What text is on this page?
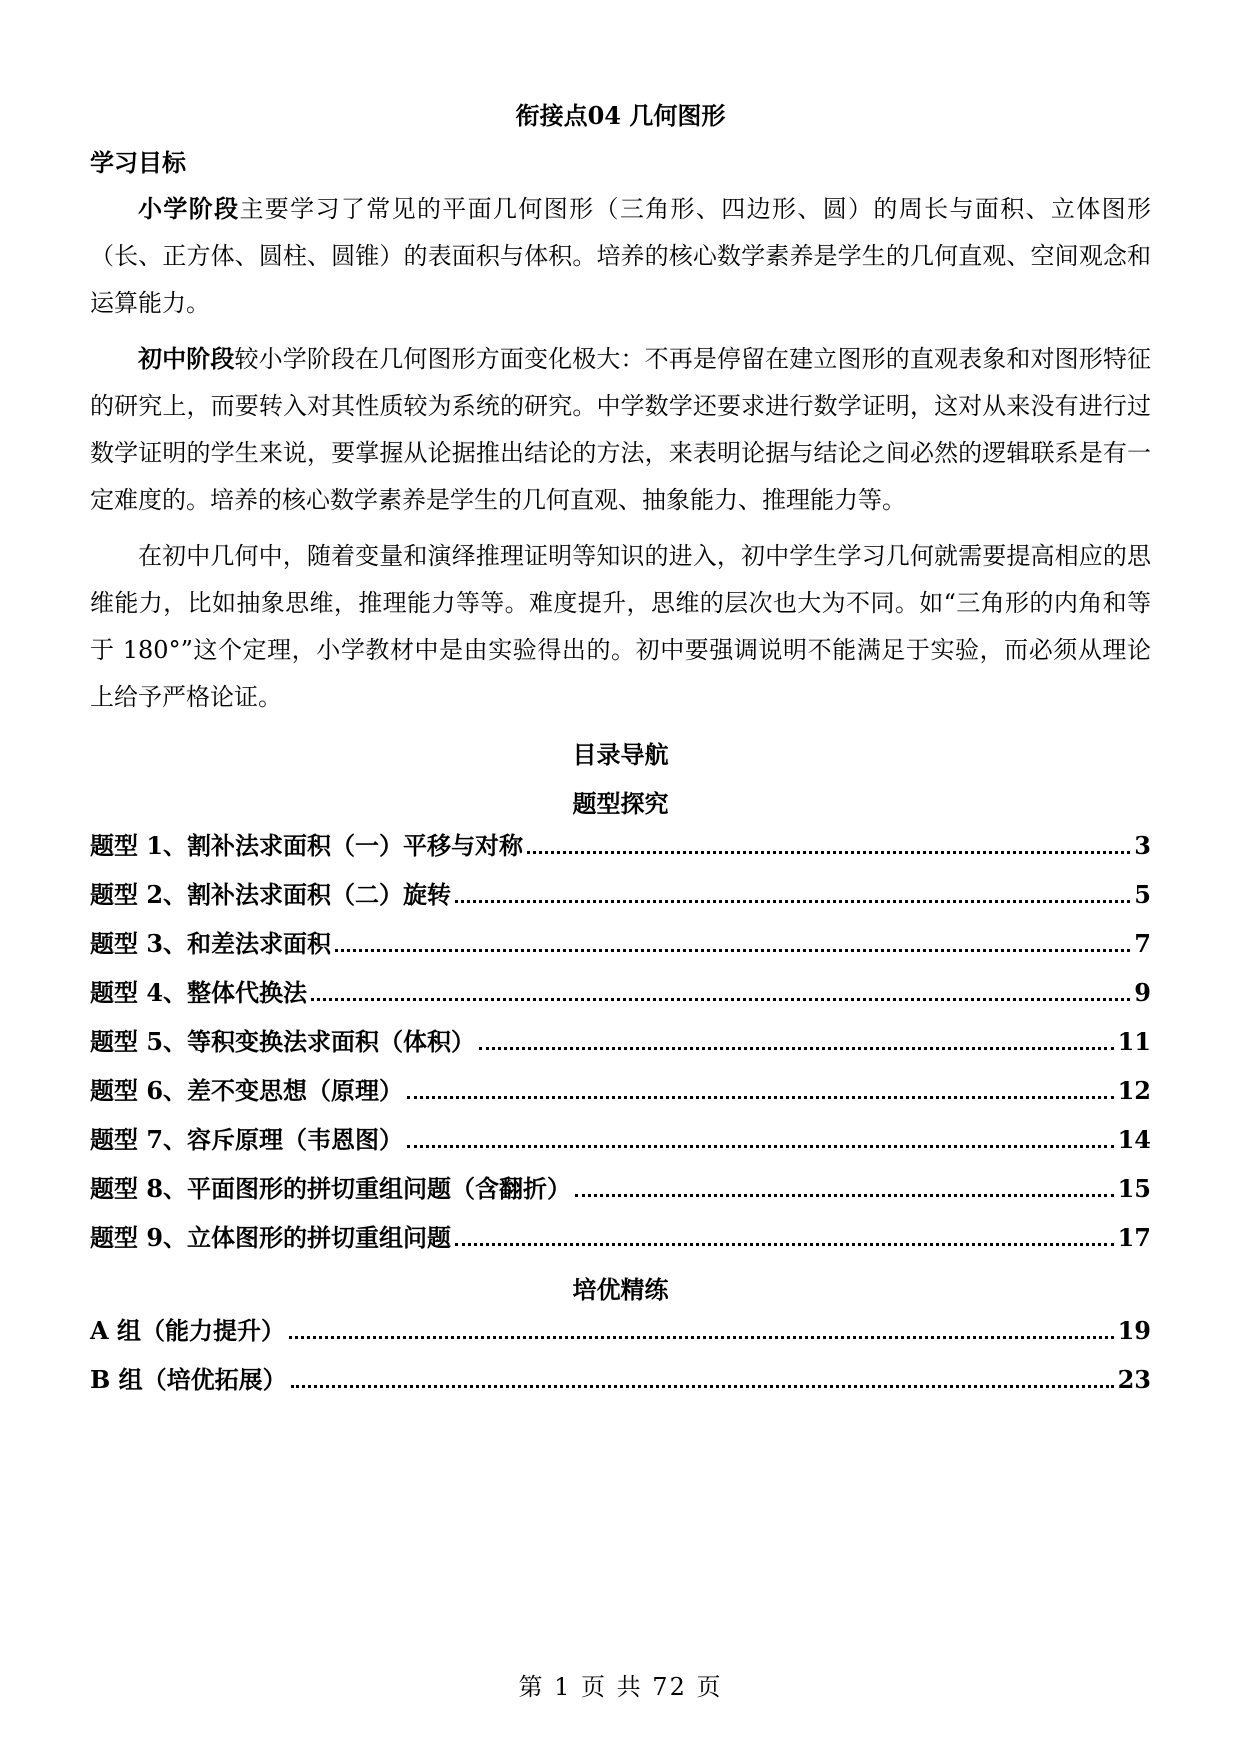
衔接点04 几何图形
学习目标

小学阶段主要学习了常见的平面几何图形（三角形、四边形、圆）的周长与面积、立体图形（长、正方体、圆柱、圆锥）的表面积与体积。培养的核心数学素养是学生的几何直观、空间观念和运算能力。

初中阶段较小学阶段在几何图形方面变化极大：不再是停留在建立图形的直观表象和对图形特征的研究上，而要转入对其性质较为系统的研究。中学数学还要求进行数学证明，这对从来没有进行过数学证明的学生来说，要掌握从论据推出结论的方法，来表明论据与结论之间必然的逻辑联系是有一定难度的。培养的核心数学素养是学生的几何直观、抽象能力、推理能力等。

在初中几何中，随着变量和演绎推理证明等知识的进入，初中学生学习几何就需要提高相应的思维能力，比如抽象思维，推理能力等等。难度提升，思维的层次也大为不同。如“三角形的内角和等于 180°”这个定理，小学教材中是由实验得出的。初中要强调说明不能满足于实验，而必须从理论上给予严格论证。

目录导航
题型探究
题型 1、割补法求面积（一）平移与对称	3
题型 2、割补法求面积（二）旋转	5
题型 3、和差法求面积	7
题型 4、整体代换法	9
题型 5、等积变换法求面积（体积）	11
题型 6、差不变思想（原理）	12
题型 7、容斥原理（韦恩图）	14
题型 8、平面图形的拼切重组问题（含翻折）	15
题型 9、立体图形的拼切重组问题	17
培优精练
A 组（能力提升）	19
B 组（培优拓展）	23
第 1 页 共 72 页
